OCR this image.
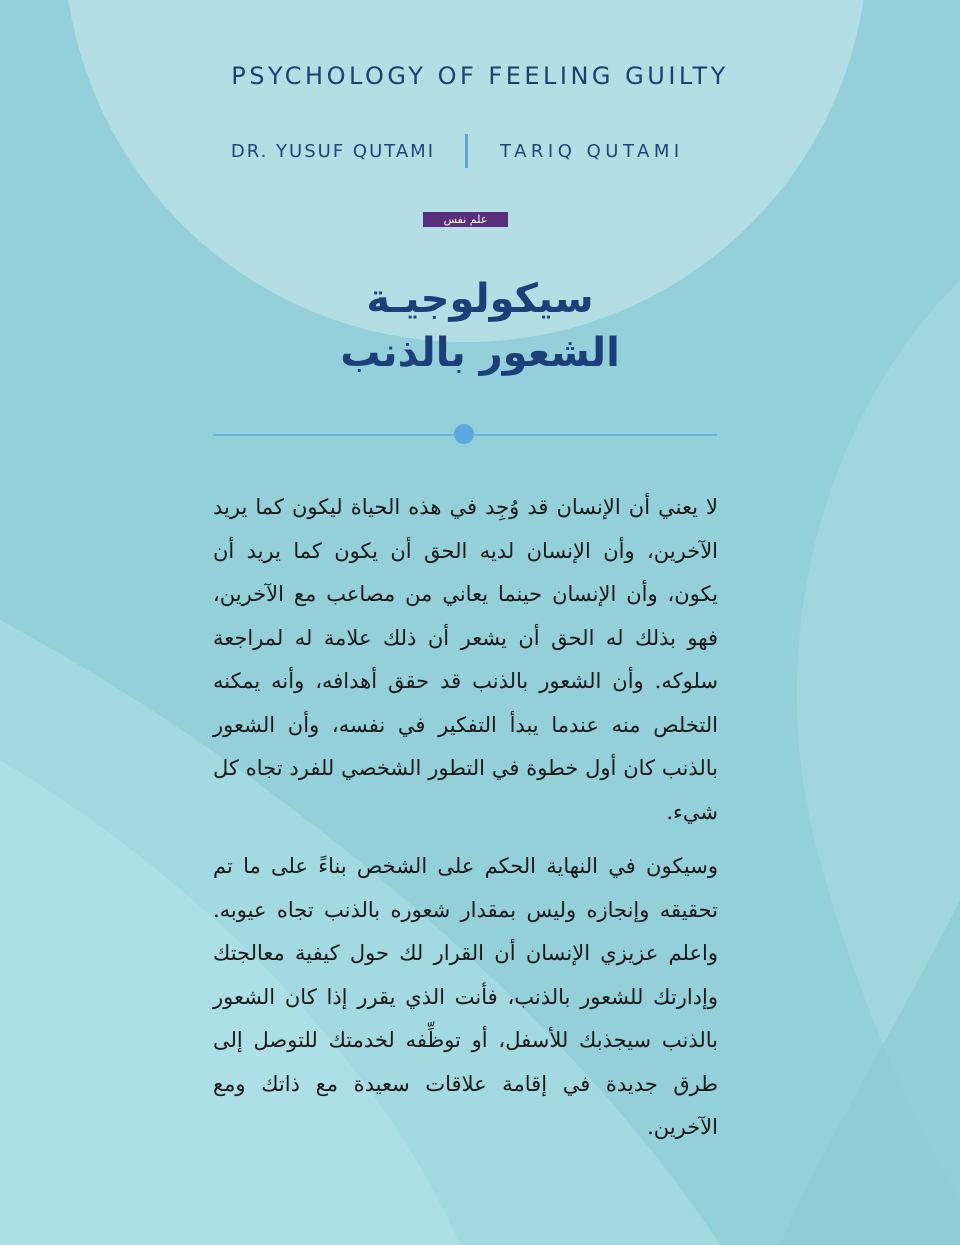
PSYCHOLOGY OF FEELING GUILTY
DR. YUSUF QUTAMI	TARIQ QUTAMI
علم نفس
سيكولوجيـة
الشعور بالذنب

لا يعني أن الإنسان قد وُجِد في هذه الحياة ليكون كما يريد الآخرين، وأن الإنسان لديه الحق أن يكون كما يريد أن يكون، وأن الإنسان حينما يعاني من مصاعب مع الآخرين، فهو بذلك له الحق أن يشعر أن ذلك علامة له لمراجعة سلوكه. وأن الشعور بالذنب قد حقق أهدافه، وأنه يمكنه التخلص منه عندما يبدأ التفكير في نفسه، وأن الشعور بالذنب كان أول خطوة في التطور الشخصي للفرد تجاه كل شيء.

وسيكون في النهاية الحكم على الشخص بناءً على ما تم تحقيقه وإنجازه وليس بمقدار شعوره بالذنب تجاه عيوبه. واعلم عزيزي الإنسان أن القرار لك حول كيفية معالجتك وإدارتك للشعور بالذنب، فأنت الذي يقرر إذا كان الشعور بالذنب سيجذبك للأسفل، أو توظِّفه لخدمتك للتوصل إلى طرق جديدة في إقامة علاقات سعيدة مع ذاتك ومع الآخرين.
